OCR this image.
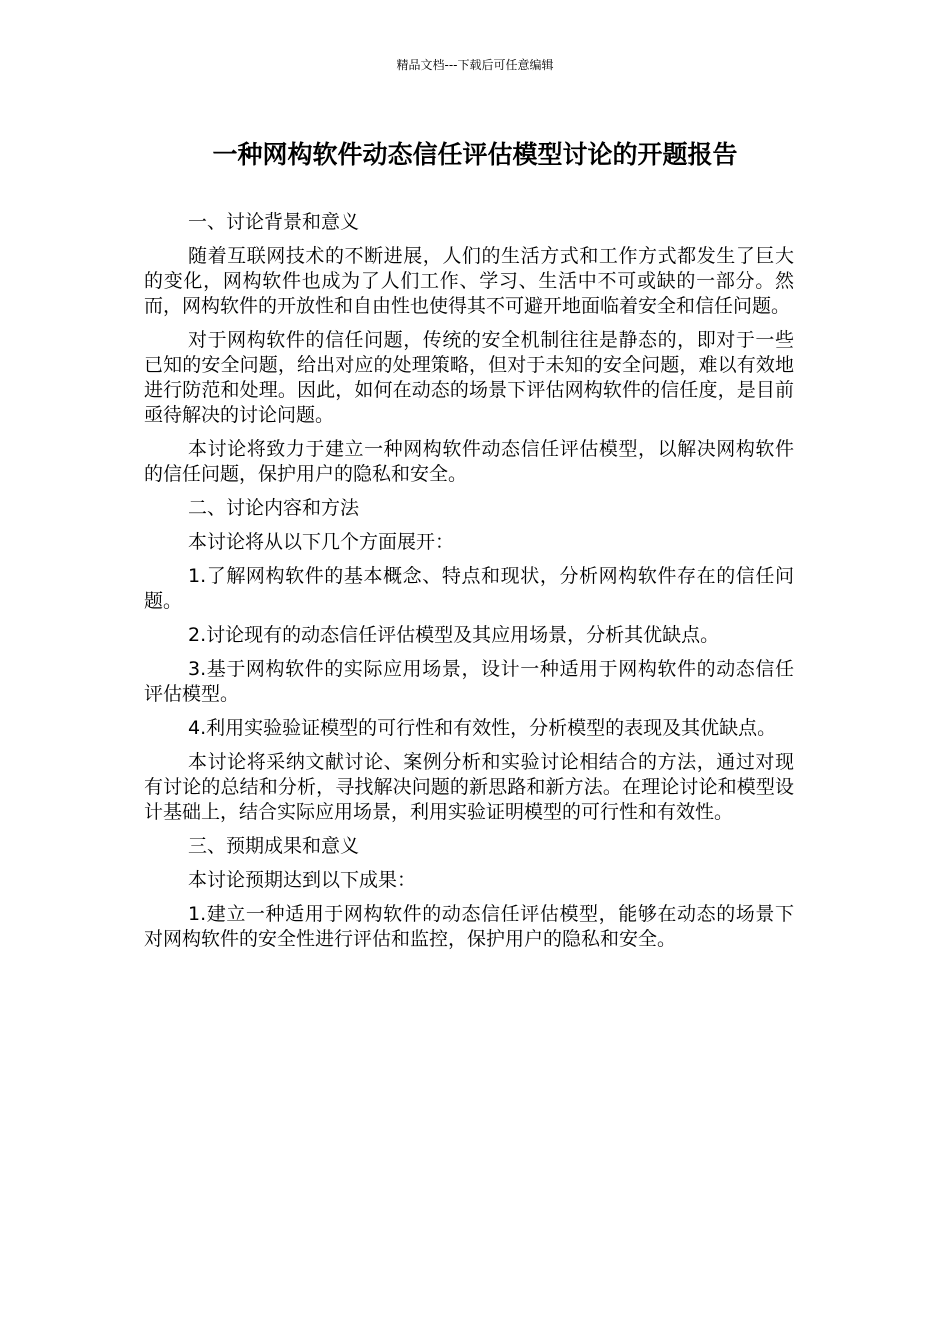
精品文档---下载后可任意编辑
一种网构软件动态信任评估模型讨论的开题报告

一、讨论背景和意义

随着互联网技术的不断进展，人们的生活方式和工作方式都发生了巨大的变化，网构软件也成为了人们工作、学习、生活中不可或缺的一部分。然而，网构软件的开放性和自由性也使得其不可避开地面临着安全和信任问题。

对于网构软件的信任问题，传统的安全机制往往是静态的，即对于一些已知的安全问题，给出对应的处理策略，但对于未知的安全问题，难以有效地进行防范和处理。因此，如何在动态的场景下评估网构软件的信任度，是目前亟待解决的讨论问题。

本讨论将致力于建立一种网构软件动态信任评估模型，以解决网构软件的信任问题，保护用户的隐私和安全。

二、讨论内容和方法

本讨论将从以下几个方面展开：

1.了解网构软件的基本概念、特点和现状，分析网构软件存在的信任问题。

2.讨论现有的动态信任评估模型及其应用场景，分析其优缺点。

3.基于网构软件的实际应用场景，设计一种适用于网构软件的动态信任评估模型。

4.利用实验验证模型的可行性和有效性，分析模型的表现及其优缺点。

本讨论将采纳文献讨论、案例分析和实验讨论相结合的方法，通过对现有讨论的总结和分析，寻找解决问题的新思路和新方法。在理论讨论和模型设计基础上，结合实际应用场景，利用实验证明模型的可行性和有效性。

三、预期成果和意义

本讨论预期达到以下成果：

1.建立一种适用于网构软件的动态信任评估模型，能够在动态的场景下对网构软件的安全性进行评估和监控，保护用户的隐私和安全。
